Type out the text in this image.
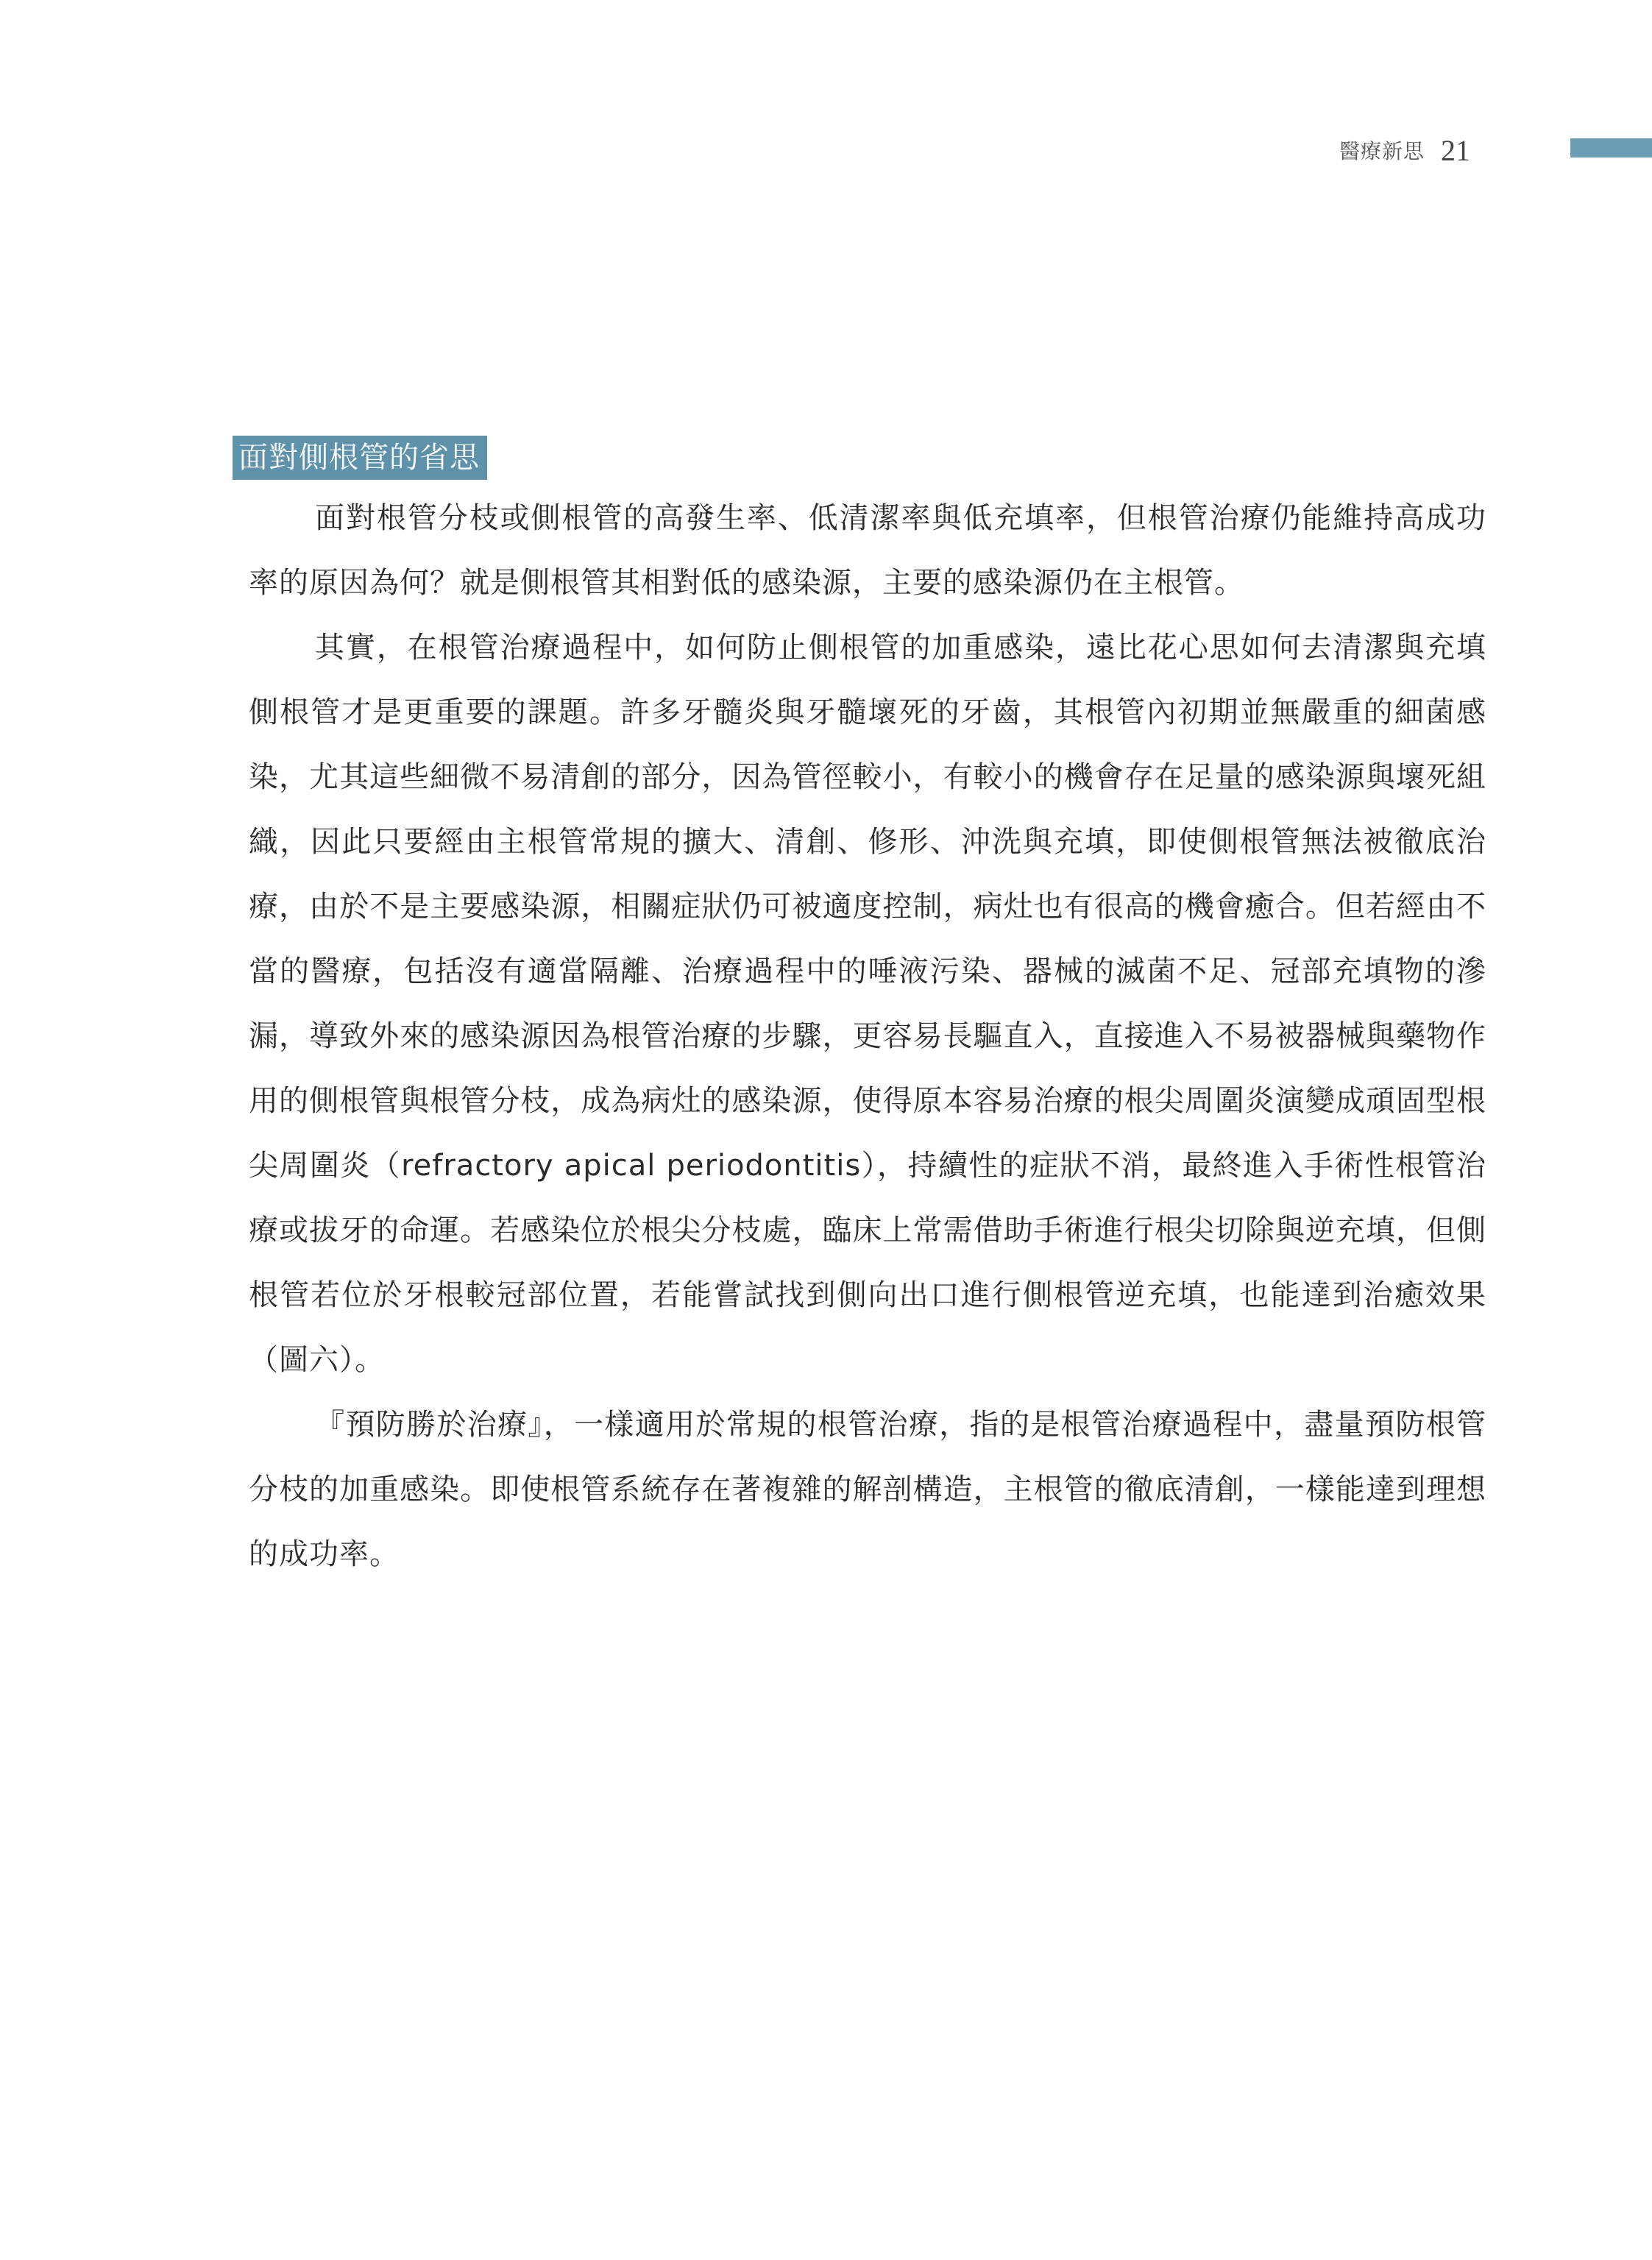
醫療新思 21
面對側根管的省思

面對根管分枝或側根管的高發生率、低清潔率與低充填率，但根管治療仍能維持高成功率的原因為何？就是側根管其相對低的感染源，主要的感染源仍在主根管。

其實，在根管治療過程中，如何防止側根管的加重感染，遠比花心思如何去清潔與充填側根管才是更重要的課題。許多牙髓炎與牙髓壞死的牙齒，其根管內初期並無嚴重的細菌感染，尤其這些細微不易清創的部分，因為管徑較小，有較小的機會存在足量的感染源與壞死組織，因此只要經由主根管常規的擴大、清創、修形、沖洗與充填，即使側根管無法被徹底治療，由於不是主要感染源，相關症狀仍可被適度控制，病灶也有很高的機會癒合。但若經由不當的醫療，包括沒有適當隔離、治療過程中的唾液污染、器械的滅菌不足、冠部充填物的滲漏，導致外來的感染源因為根管治療的步驟，更容易長驅直入，直接進入不易被器械與藥物作用的側根管與根管分枝，成為病灶的感染源，使得原本容易治療的根尖周圍炎演變成頑固型根尖周圍炎（refractory apical periodontitis），持續性的症狀不消，最終進入手術性根管治療或拔牙的命運。若感染位於根尖分枝處，臨床上常需借助手術進行根尖切除與逆充填，但側根管若位於牙根較冠部位置，若能嘗試找到側向出口進行側根管逆充填，也能達到治癒效果（圖六）。

『預防勝於治療』，一樣適用於常規的根管治療，指的是根管治療過程中，盡量預防根管分枝的加重感染。即使根管系統存在著複雜的解剖構造，主根管的徹底清創，一樣能達到理想的成功率。
